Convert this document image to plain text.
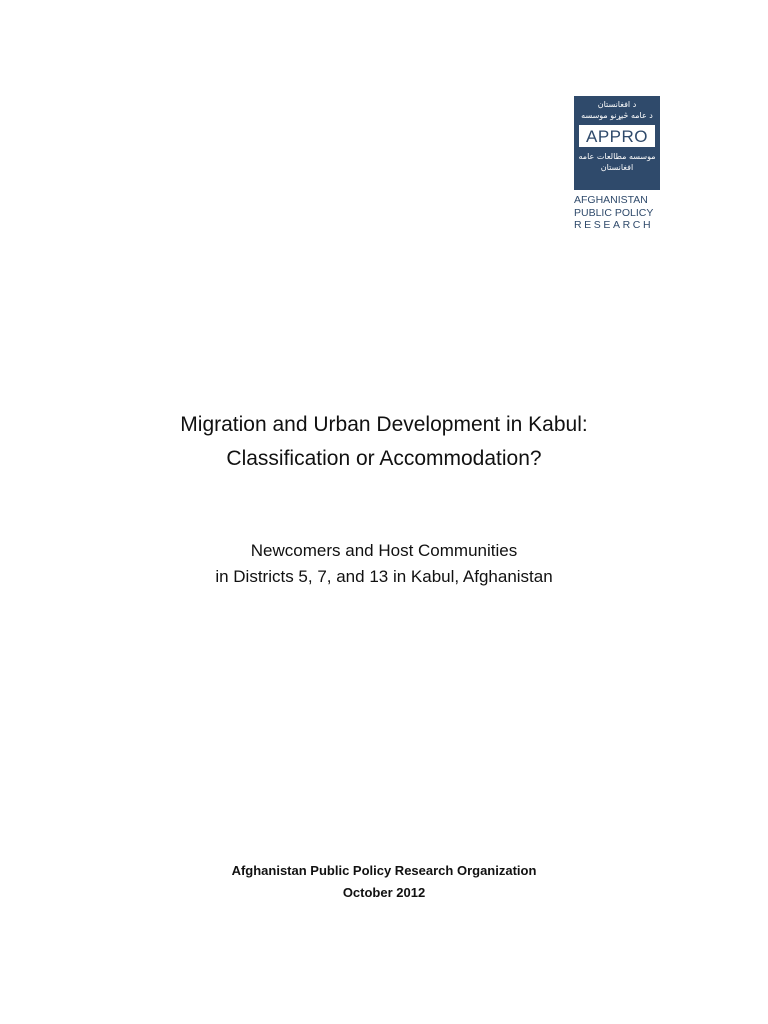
د افغانستان
د عامه څیړنو موسسه
APPRO
موسسه مطالعات عامه
افغانستان
AFGHANISTAN
PUBLIC POLICY
RESEARCH
Migration and Urban Development in Kabul:
Classification or Accommodation?
Newcomers and Host Communities
in Districts 5, 7, and 13 in Kabul, Afghanistan
Afghanistan Public Policy Research Organization
October 2012
